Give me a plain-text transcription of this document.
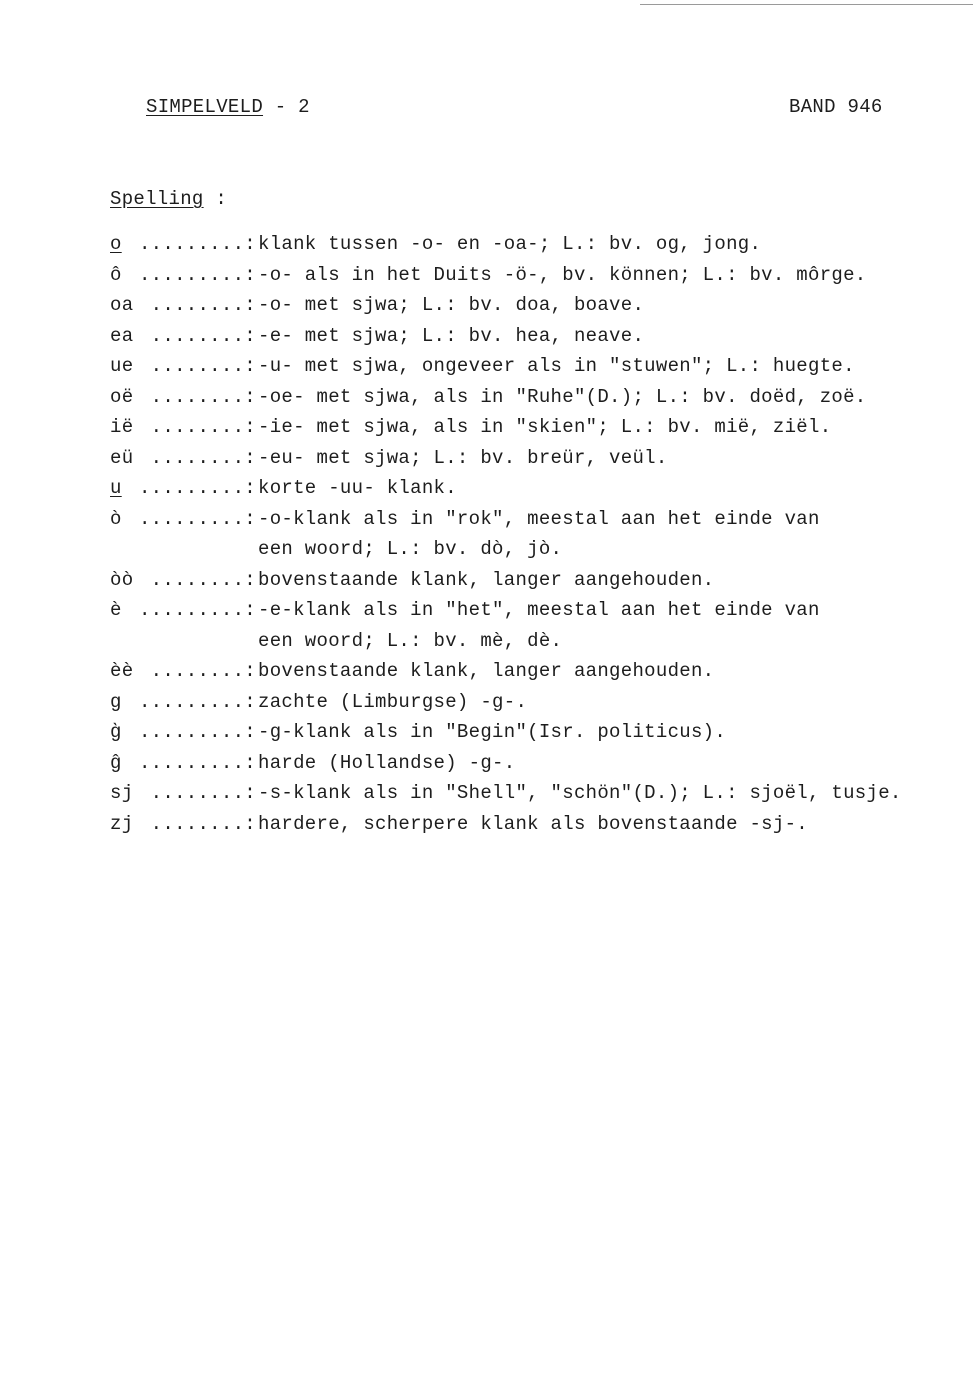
SIMPELVELD - 2	BAND 946
Spelling :
o .........: klank tussen -o- en -oa-; L.: bv. og, jong.
ô .........: -o- als in het Duits -ö-, bv. können; L.: bv. môrge.
oa ........: -o- met sjwa; L.: bv. doa, boave.
ea ........: -e- met sjwa; L.: bv. hea, neave.
ue ........: -u- met sjwa, ongeveer als in "stuwen"; L.: huegte.
oë ........: -oe- met sjwa, als in "Ruhe"(D.); L.: bv. doëd, zoë.
ië ........: -ie- met sjwa, als in "skien"; L.: bv. mië, ziël.
eü ........: -eu- met sjwa; L.: bv. breür, veül.
u .........: korte -uu- klank.
ò .........: -o-klank als in "rok", meestal aan het einde van
een woord; L.: bv. dò, jò.
òò ........: bovenstaande klank, langer aangehouden.
è .........: -e-klank als in "het", meestal aan het einde van
een woord; L.: bv. mè, dè.
èè ........: bovenstaande klank, langer aangehouden.
g .........: zachte (Limburgse) -g-.
g̀ .........: -g-klank als in "Begin"(Isr. politicus).
ĝ .........: harde (Hollandse) -g-.
sj ........: -s-klank als in "Shell", "schön"(D.); L.: sjoël, tusje.
zj ........: hardere, scherpere klank als bovenstaande -sj-.
